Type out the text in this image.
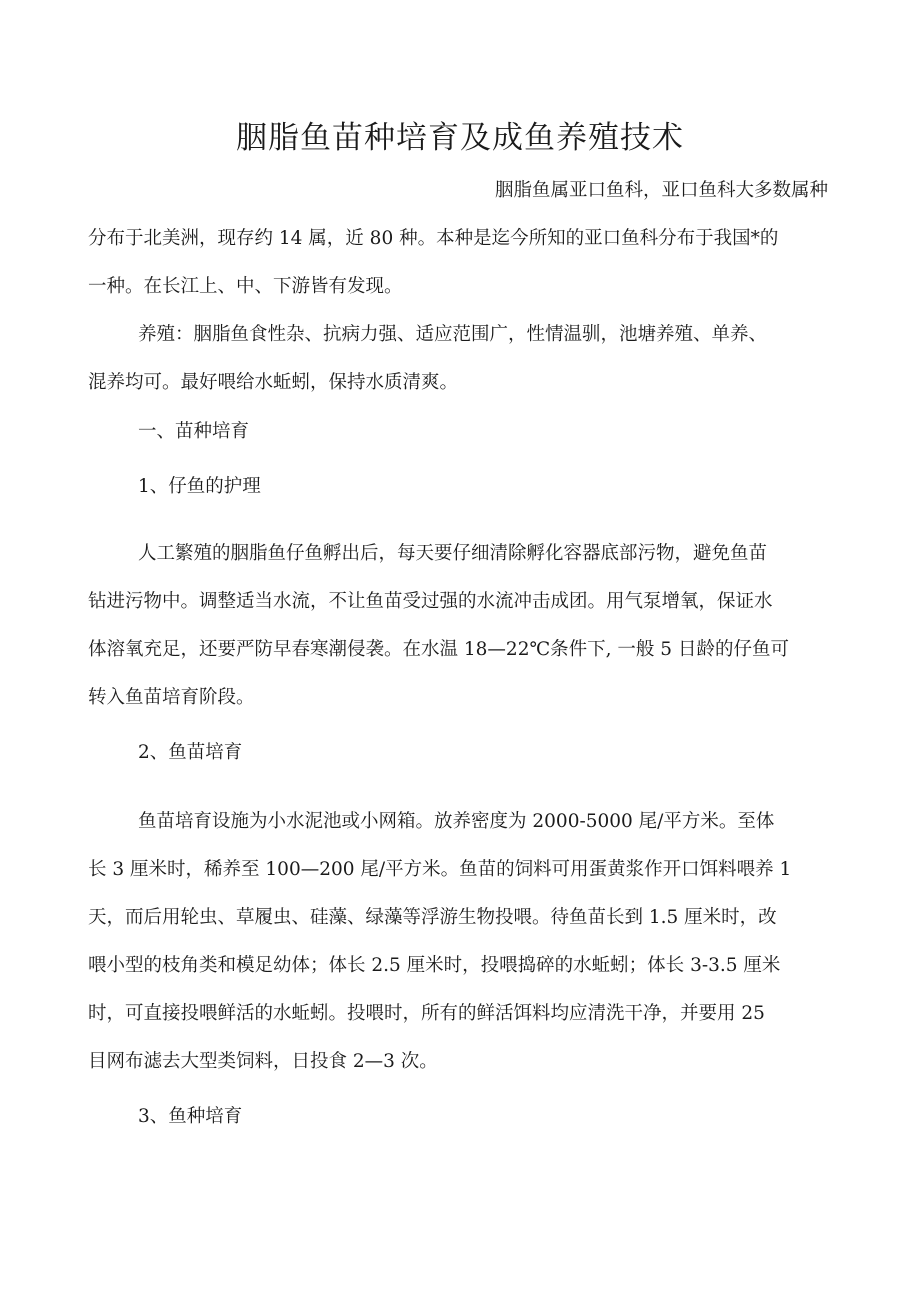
胭脂鱼苗种培育及成鱼养殖技术

胭脂鱼属亚口鱼科，亚口鱼科大多数属种

分布于北美洲，现存约 14 属，近 80 种。本种是迄今所知的亚口鱼科分布于我国*的
一种。在长江上、中、下游皆有发现。

养殖：胭脂鱼食性杂、抗病力强、适应范围广，性情温驯，池塘养殖、单养、
混养均可。最好喂给水蚯蚓，保持水质清爽。

一、苗种培育

1、仔鱼的护理

人工繁殖的胭脂鱼仔鱼孵出后，每天要仔细清除孵化容器底部污物，避免鱼苗
钻进污物中。调整适当水流，不让鱼苗受过强的水流冲击成团。用气泵增氧，保证水
体溶氧充足，还要严防早春寒潮侵袭。在水温 18—22℃条件下, 一般 5 日龄的仔鱼可
转入鱼苗培育阶段。

2、鱼苗培育

鱼苗培育设施为小水泥池或小网箱。放养密度为 2000-5000 尾/平方米。至体
长 3 厘米时，稀养至 100—200 尾/平方米。鱼苗的饲料可用蛋黄浆作开口饵料喂养 1
天，而后用轮虫、草履虫、硅藻、绿藻等浮游生物投喂。待鱼苗长到 1.5 厘米时，改
喂小型的枝角类和模足幼体；体长 2.5 厘米时，投喂捣碎的水蚯蚓；体长 3-3.5 厘米
时，可直接投喂鲜活的水蚯蚓。投喂时，所有的鲜活饵料均应清洗干净，并要用 25
目网布滤去大型类饲料，日投食 2—3 次。

3、鱼种培育
